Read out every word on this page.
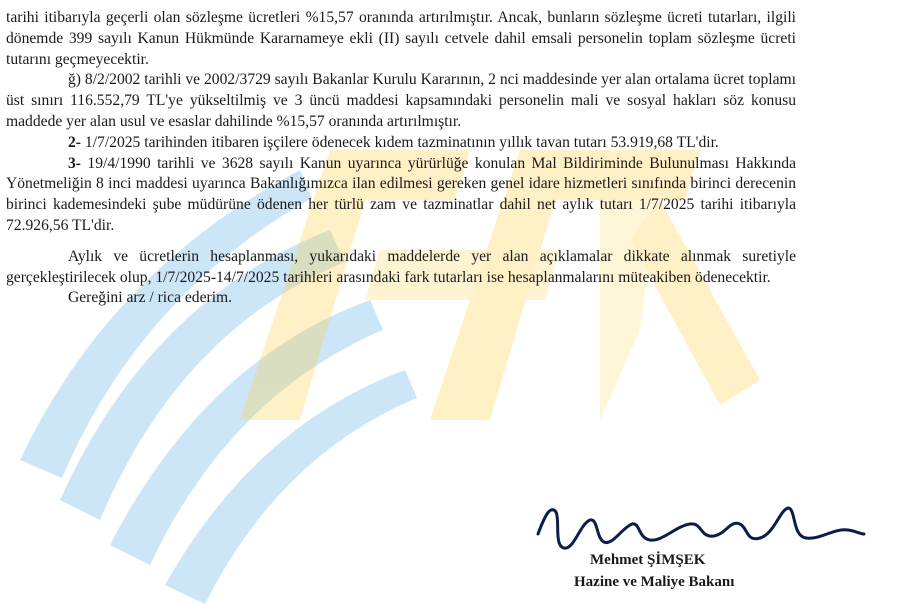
tarihi itibarıyla geçerli olan sözleşme ücretleri %15,57 oranında artırılmıştır. Ancak, bunların sözleşme ücreti tutarları, ilgili dönemde 399 sayılı Kanun Hükmünde Kararnameye ekli (II) sayılı cetvele dahil emsali personelin toplam sözleşme ücreti tutarını geçmeyecektir.

ğ) 8/2/2002 tarihli ve 2002/3729 sayılı Bakanlar Kurulu Kararının, 2 nci maddesinde yer alan ortalama ücret toplamı üst sınırı 116.552,79 TL'ye yükseltilmiş ve 3 üncü maddesi kapsamındaki personelin mali ve sosyal hakları söz konusu maddede yer alan usul ve esaslar dahilinde %15,57 oranında artırılmıştır.

2- 1/7/2025 tarihinden itibaren işçilere ödenecek kıdem tazminatının yıllık tavan tutarı 53.919,68 TL'dir.

3- 19/4/1990 tarihli ve 3628 sayılı Kanun uyarınca yürürlüğe konulan Mal Bildiriminde Bulunulması Hakkında Yönetmeliğin 8 inci maddesi uyarınca Bakanlığımızca ilan edilmesi gereken genel idare hizmetleri sınıfında birinci derecenin birinci kademesindeki şube müdürüne ödenen her türlü zam ve tazminatlar dahil net aylık tutarı 1/7/2025 tarihi itibarıyla 72.926,56 TL'dir.

Aylık ve ücretlerin hesaplanması, yukarıdaki maddelerde yer alan açıklamalar dikkate alınmak suretiyle gerçekleştirilecek olup, 1/7/2025-14/7/2025 tarihleri arasındaki fark tutarları ise hesaplanmalarını müteakiben ödenecektir.

Gereğini arz / rica ederim.

Mehmet ŞİMŞEK
Hazine ve Maliye Bakanı
